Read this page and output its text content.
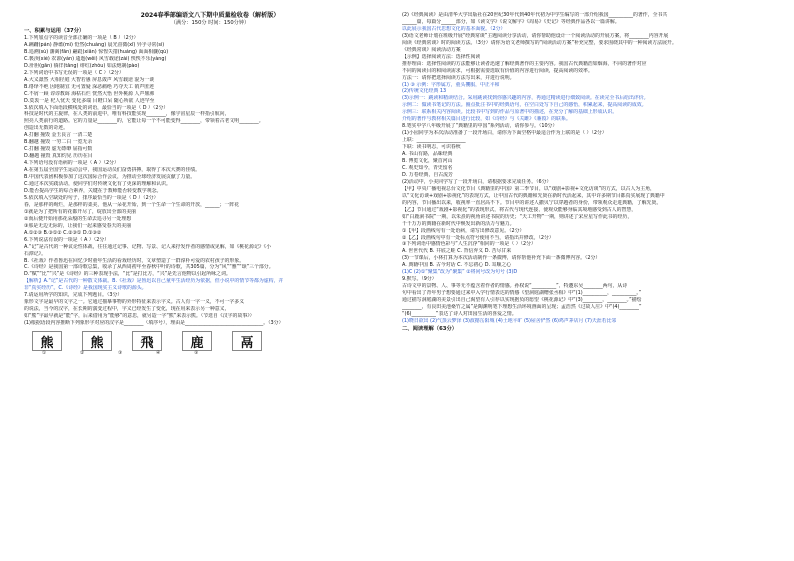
2024春季部编语文八下期中质量检收卷（解析版）
（满分：150分 时间：150分钟）
一、积累与运用（37分）
1.下列加点字的读音全部正确的一项是（ B ）（2分）
A.蹒跚(pán) 静谧(mì) 怆然(chuàng) 晨光熹微(xī) 异乎寻常(sì)
B.追溯(sù) 藩篱(fān) 翩跹(xiān) 惊惶失措(huáng) 面面相觑(qù)
C.亵渎(xiè) 农谚(yàn) 逶迤(wēi) 风雪载途(zài) 怏怏不乐(yàng)
D.肝胆(gān) 徜徉(tǎng) 绯红(zhǒu) 如法炮制(pào)
2.下列词语中书写无误的一项是（ C ）（2分）
A.大义凛然 大相径庭 大智若愚 屏息敛声 风雪载途 混为一谈
B.络绎不绝 因地制宜 无可置疑 深恶痛绝 巧夺天工 销声匿迹
C.不屑一顾 谆谆教诲 海枯石烂 恍然大悟 世外桃源 人声鼎沸
D.莫衷一是 杞人忧天 变化多端 目瞪口呆 随心所欲 人迹罕至
3.依次填入下面语段横线处的词语，最恰当的一项是（ D ）（2分）
科技是时代的主旋律，在人类的前进中，唯有科技能实现________，像宇宙星辰一样指引航向，
照亮人类前行的道路。它的力量是________的，它能让每一个不可能变得________，带领着古老文明________。
创造出无数的奇迹。
A.打翻 撞毁 金玉良言 一清二楚
B.翻越 撞毁 一穷二白 一览无余
C.打翻 撞毁 虚无缥缈 屈指可数
D.翻越 撞毁 真知灼见 历历在目
4.下列语句没有语病的一项是（ A ）（2分）
A.在第五届全国学生运动会中，我国运动员们奋勇拼搏，取得了本次大赛的佳绩。
B.中国代表团积极参加了这次国际合作会议，为推动全球经济发展贡献了力量。
C.通过本次实践活动，使同学们对传统文化有了更深的理解和认识。
D.能否提高学生的综合素养，关键在于教师能否转变教学观念。
5.依次填入空缺处的句子，排序最恰当的一项是（ D ）（2分）
春，是那样的绚烂，是那样的柔美，他从一朵花开始，到一个生命一个生命的开放，______；一阵花
①就是为了把所有的花都开尽了，绽放出全部的美丽
②而后便开始用那花朵般的生命去追寻另一处理想
③那是无边无际的，让我们一起来感受春天的美丽
A.①②③ B.③①② C.②③① D.①③②
6.下列说法有误的一项是（ A ）（2分）
A.“记”是古代的一种议论性体裁，往往通过记事、记物、写景、记人来抒发作者的感情或见解，如《桃花源记》《小
石潭记》。
B.《社戏》作者鲁迅在回忆少时童年生活的看戏经历时，文章塑造了一群淳朴可爱的农村孩子的形象。
C.《诗经》是我国第一部诗歌总集，收录了从西周初年至春秋中叶的诗歌，共305篇，分为“风”“雅”“颂”三个部分。
D.“赋”“比”“兴”是《诗经》的三种表现手法，“比”是打比方，“兴”是先言他物以引起所咏之词。
【解析】A.“记”是古代的一种散文体裁。B.《社戏》是鲁迅以自己童年生活经历为依据，但小说中的情节等都为虚构，并
非“真实经历”。C.《诗经》是我国现实主义诗歌的源头。
7.请运用所学的知识，完成下列题目。（3分）
象形文字是最早的文字之一。它通过描摹事物的外形特征来表示字义。古人有一字一义，不可一字多义
的说法，当今的汉字，在长期的演变过程中，字义已经发生了变化，现在用来表示另一种意义，
如“熊”字最早就是“能”字，后来借用为“能够”的意思，就另造一字“熊”来表示熊。（节选自《汉字的故事》）
(1)根据语段内容推断下列象形字对应的汉字是________（填序号），理由是________________________________。（3分）
熊	熊	飛	鹿	鬲
①	②	③	④	⑤
(2)《经典阅读》是由清华大学出版社在20世纪30年代到40年代初为中学生编写的一部介绍我国__________的著作，全书共
______篇，每篇分______部分，如《读文学》《说文解字》《周易》《史记》等经典作品各以一篇讲解。
以此展示我国古代思想文化的基本面貌。（2分）
(3)语文老师计划在班级开展“经典常谈”主题阅读分享活动，请你帮助他设计一个阅读活动的开展方案，将________内容开展
阅读《经典常谈》时的阅读方法。（3分）请你为语文老师撰写的“阅读活动方案”补充完整，要求围绕其中的一种阅读方法展开。
《经典常谈》阅读活动方案
【示例】选择阅读方法：选择性阅读
推荐理由：选择性阅读的方法能够让读者迅速了解经典著作的主要内容。我国古代典籍浩如烟海，不同的著作对应
不同的阅读目的和阅读需求，可根据需要选取有价值的内容进行阅读，提高阅读的效率。
方法一：请你把选择阅读方法写出来，并进行说明。
(1) ③ 示例：字形属方，童头攫服，中正平和
(2)传统文化经典 13
(3)示例一：跳读和精读结合。采用跳读找到你感兴趣的内容，再通过精读进行细致阅读。在读完全书后给出评价。
示例二：做读书笔记的方法。圈点批注书中的经典语句，在空白处写下自己的感悟，积累起来，提高阅读的成效。
示例三：联系相关内容阅读。比较书中写到的作品与原著中的描述，在充分了解的基础上形成认识。
介绍的著作与教材相关篇目进行比较，如《诗经》与《关雎》《蒹葭》的联系。
8.笔实中学八年级开展了“典籍里的中国”系列活动，请你参与。（10分）
(1)小园同学为本次活动准备了一段开场白，请你为下面空格中最适合作为上联的是（ ）（2分）
上联：____________________
下联：读书明志，可识春秋
A. 书山有路，品味经典
B. 博览文化，聚首河山
C. 观史知今，青史留名
D. 万卷经典，自古流芳
(2)活动中，小美同学写了一段开场白，请根据要求完成任务。（6分）
【甲】中央广播电视总台文化节目《典籍里的中国》第二季节目，以“戏剧+影视+文化访谈”的方式，以古人为主角，
以“文化访谈+戏剧+影视化”的表现方式，让中国古代的典籍和先贤在新时代活起来，其中许多期节目都真实展现了典籍中
的内容，节目播出以来，收视率一直居高不下。节目中的讲述人撒贝宁以穿越者的身份，带领观众走进典籍，了解先贤。
【乙】节目通过“戏剧+影视化”的表现形式，将古代与现代连接，使观众能够身临其境地感受到古人的智慧，
如“白鹿洞书院”一期，以朱熹的视角讲述书院的历史；“天工开物”一期，则讲述了宋应星写作此书的经历，
千千万万的典籍在新时代中焕发出新的活力与魅力。
①【甲】段画线句有一处语病，请写出修改意见。（2分）
②【乙】段画线句中有一处标点符号使用不当，请指出并修改。（2分）
③下列词语中感情色彩与“人生沉浮”相同的一项是（ ）（2分）
A. 世世代代 B. 井底之蛙 C. 背信弃义 D. 苦尽甘来
(3)一节课后，小林打算为本次活动制作一条微博，请你帮他补充下面一条微博内容。（2分）
A. 典籍中国 B. 古今对话 C. 不忘初心 D. 耳顺之心
(1)C (2)①“聚集”改为“聚集” ②将问号改为句号 (3)D
9.默写。（9分）
古诗文中的景物、人、事等无不蕴含着作者的情感。孙权说“__________”，特邀东吴________两句，从诗
句中看出了青年男子想要通过来中入学行情表达的情感《望洞庭湖赠张丞相》中“(1)__________，__________。”
通过描写洞庭湖的美景引出自己渴望有人引荐以实现抱负的愿望《桃花源记》中“(3)________，________。”描绘
________，有良田美池桑竹之属”是陶渊明笔下理想生活环境画面的呈现；孟浩然《过故人庄》中“(4)________”
“(6)__________”表达了诗人对田园生活的喜爱之情。
(1)晓日欲出 (2)气蒸云梦泽 (3)波撼岳阳城 (4)土地平旷 (5)屋舍俨然 (6)鸡声茅店月 (7)天涯若比邻
二、阅读理解（63分）
